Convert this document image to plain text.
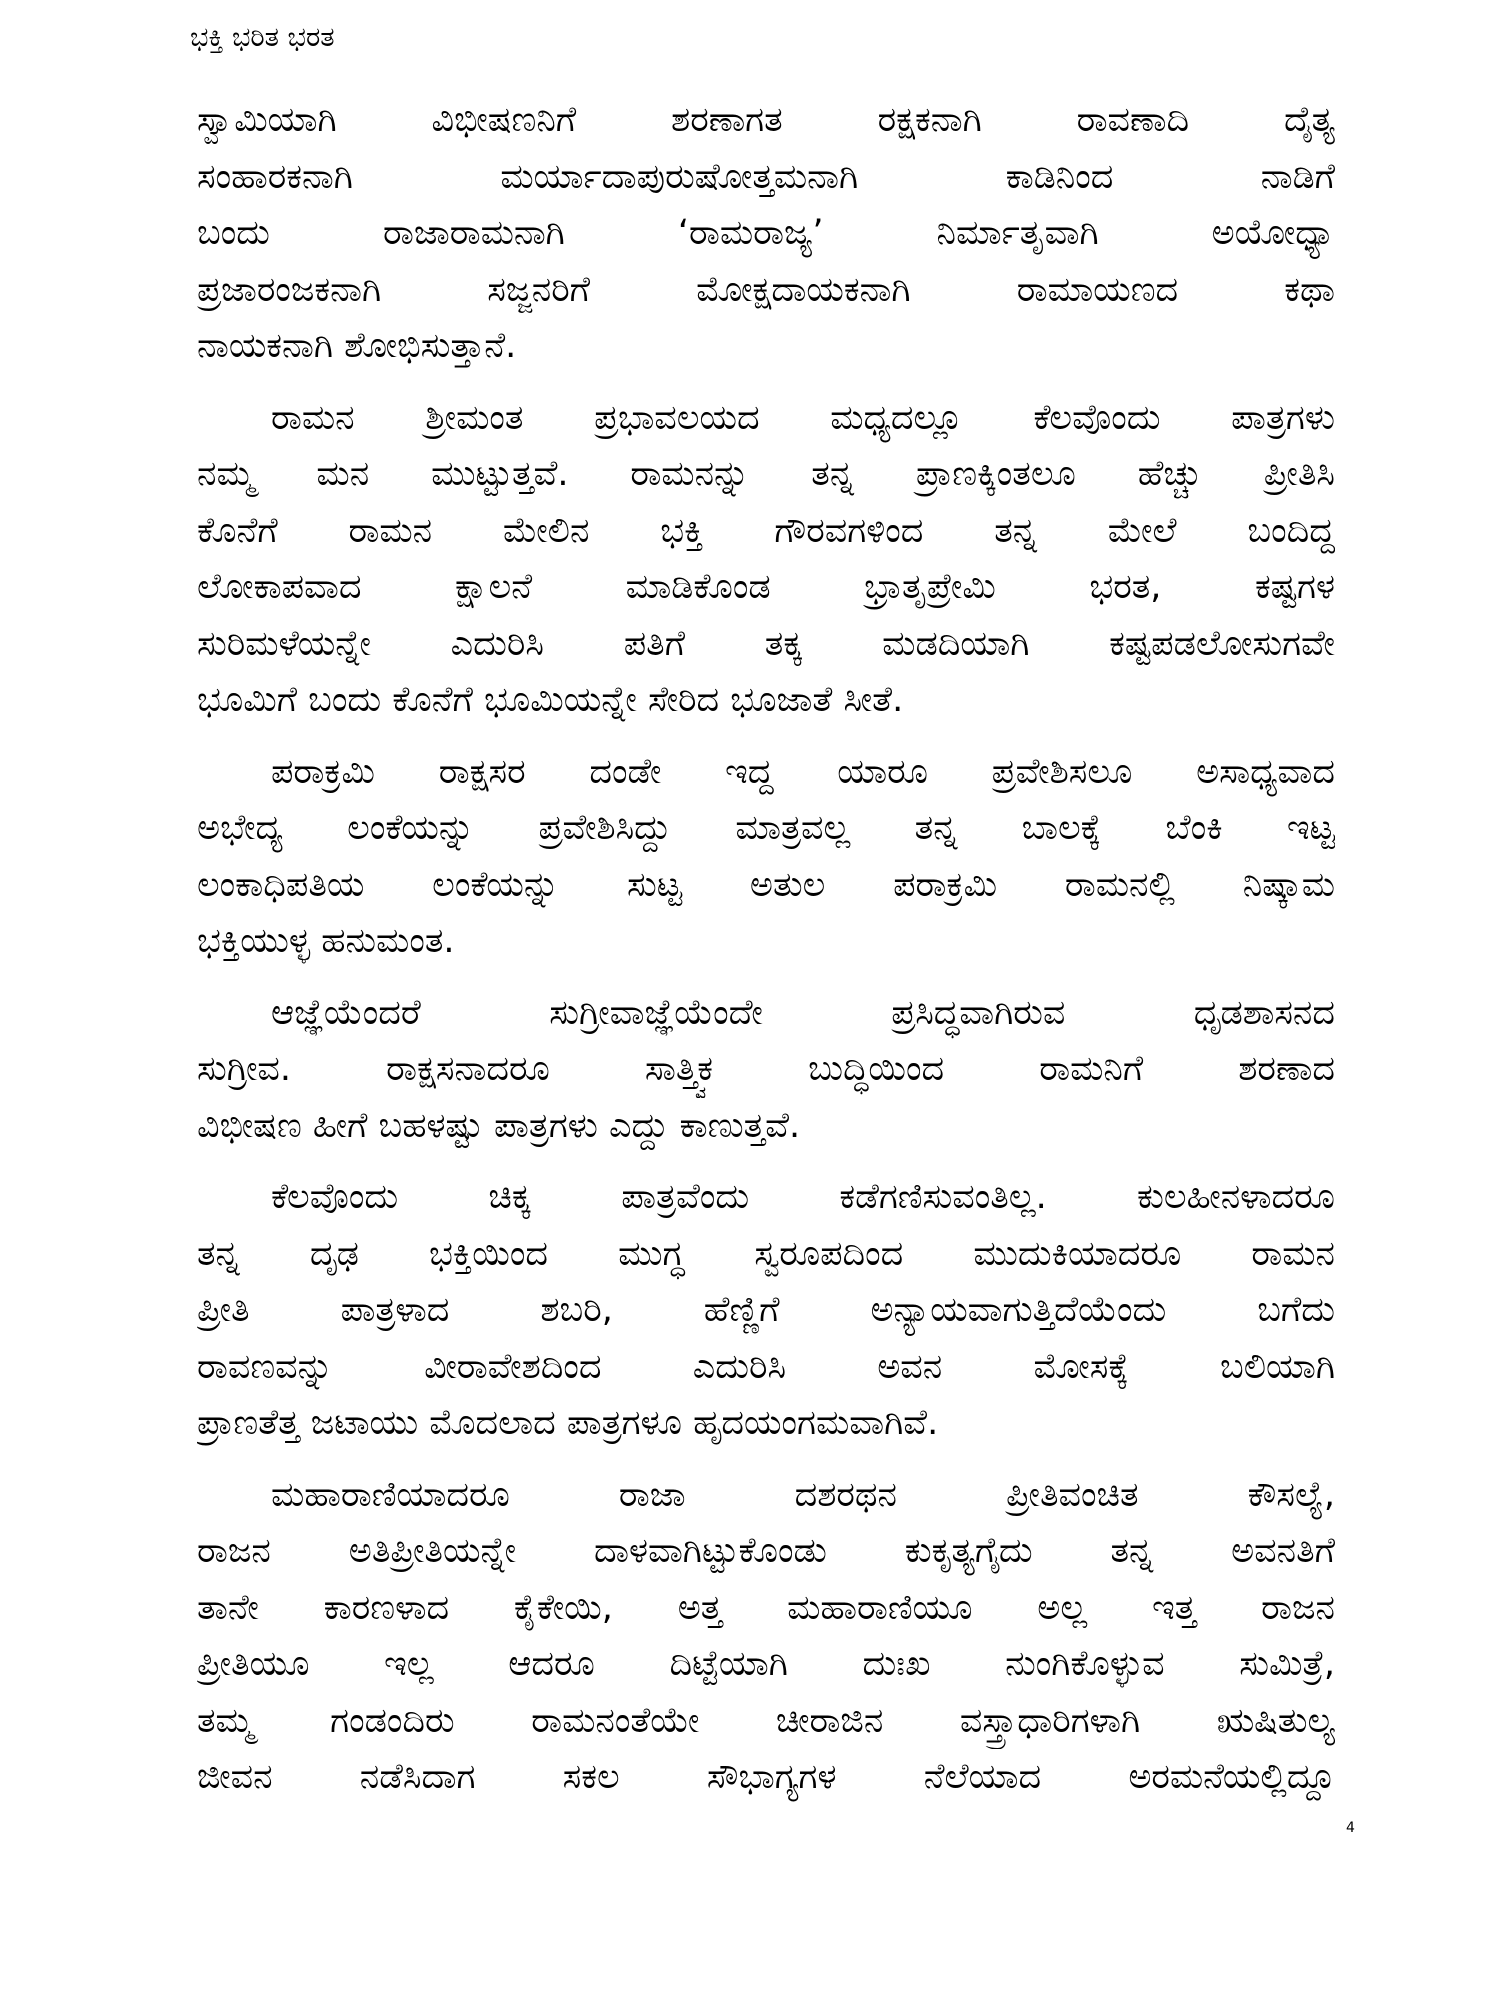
ಭಕ್ತಿ ಭರಿತ ಭರತ
ಸ್ವಾಮಿಯಾಗಿ ವಿಭೀಷಣನಿಗೆ ಶರಣಾಗತ ರಕ್ಷಕನಾಗಿ ರಾವಣಾದಿ ದೈತ್ಯ
ಸಂಹಾರಕನಾಗಿ ಮರ್ಯಾದಾಪುರುಷೋತ್ತಮನಾಗಿ ಕಾಡಿನಿಂದ ನಾಡಿಗೆ
ಬಂದು ರಾಜಾರಾಮನಾಗಿ ‘ರಾಮರಾಜ್ಯ’ ನಿರ್ಮಾತೃವಾಗಿ ಅಯೋಧ್ಯಾ
ಪ್ರಜಾರಂಜಕನಾಗಿ ಸಜ್ಜನರಿಗೆ ಮೋಕ್ಷದಾಯಕನಾಗಿ ರಾಮಾಯಣದ ಕಥಾ
ನಾಯಕನಾಗಿ ಶೋಭಿಸುತ್ತಾನೆ.
ರಾಮನ ಶ್ರೀಮಂತ ಪ್ರಭಾವಲಯದ ಮಧ್ಯದಲ್ಲೂ ಕೆಲವೊಂದು ಪಾತ್ರಗಳು
ನಮ್ಮ ಮನ ಮುಟ್ಟುತ್ತವೆ. ರಾಮನನ್ನು ತನ್ನ ಪ್ರಾಣಕ್ಕಿಂತಲೂ ಹೆಚ್ಚು ಪ್ರೀತಿಸಿ
ಕೊನೆಗೆ ರಾಮನ ಮೇಲಿನ ಭಕ್ತಿ ಗೌರವಗಳಿಂದ ತನ್ನ ಮೇಲೆ ಬಂದಿದ್ದ
ಲೋಕಾಪವಾದ ಕ್ಷಾಲನೆ ಮಾಡಿಕೊಂಡ ಭ್ರಾತೃಪ್ರೇಮಿ ಭರತ, ಕಷ್ಟಗಳ
ಸುರಿಮಳೆಯನ್ನೇ ಎದುರಿಸಿ ಪತಿಗೆ ತಕ್ಕ ಮಡದಿಯಾಗಿ ಕಷ್ಟಪಡಲೋಸುಗವೇ
ಭೂಮಿಗೆ ಬಂದು ಕೊನೆಗೆ ಭೂಮಿಯನ್ನೇ ಸೇರಿದ ಭೂಜಾತೆ ಸೀತೆ.
ಪರಾಕ್ರಮಿ ರಾಕ್ಷಸರ ದಂಡೇ ಇದ್ದ ಯಾರೂ ಪ್ರವೇಶಿಸಲೂ ಅಸಾಧ್ಯವಾದ
ಅಭೇದ್ಯ ಲಂಕೆಯನ್ನು ಪ್ರವೇಶಿಸಿದ್ದು ಮಾತ್ರವಲ್ಲ ತನ್ನ ಬಾಲಕ್ಕೆ ಬೆಂಕಿ ಇಟ್ಟ
ಲಂಕಾಧಿಪತಿಯ ಲಂಕೆಯನ್ನು ಸುಟ್ಟ ಅತುಲ ಪರಾಕ್ರಮಿ ರಾಮನಲ್ಲಿ ನಿಷ್ಕಾಮ
ಭಕ್ತಿಯುಳ್ಳ ಹನುಮಂತ.
ಆಜ್ಞೆಯೆಂದರೆ ಸುಗ್ರೀವಾಜ್ಞೆಯೆಂದೇ ಪ್ರಸಿದ್ಧವಾಗಿರುವ ಧೃಡಶಾಸನದ
ಸುಗ್ರೀವ. ರಾಕ್ಷಸನಾದರೂ ಸಾತ್ತ್ವಿಕ ಬುದ್ಧಿಯಿಂದ ರಾಮನಿಗೆ ಶರಣಾದ
ವಿಭೀಷಣ ಹೀಗೆ ಬಹಳಷ್ಟು ಪಾತ್ರಗಳು ಎದ್ದು ಕಾಣುತ್ತವೆ.
ಕೆಲವೊಂದು ಚಿಕ್ಕ ಪಾತ್ರವೆಂದು ಕಡೆಗಣಿಸುವಂತಿಲ್ಲ. ಕುಲಹೀನಳಾದರೂ
ತನ್ನ ದೃಢ ಭಕ್ತಿಯಿಂದ ಮುಗ್ಧ ಸ್ವರೂಪದಿಂದ ಮುದುಕಿಯಾದರೂ ರಾಮನ
ಪ್ರೀತಿ ಪಾತ್ರಳಾದ ಶಬರಿ, ಹೆಣ್ಣಿಗೆ ಅನ್ಯಾಯವಾಗುತ್ತಿದೆಯೆಂದು ಬಗೆದು
ರಾವಣವನ್ನು ವೀರಾವೇಶದಿಂದ ಎದುರಿಸಿ ಅವನ ಮೋಸಕ್ಕೆ ಬಲಿಯಾಗಿ
ಪ್ರಾಣತೆತ್ತ ಜಟಾಯು ಮೊದಲಾದ ಪಾತ್ರಗಳೂ ಹೃದಯಂಗಮವಾಗಿವೆ.
ಮಹಾರಾಣಿಯಾದರೂ ರಾಜಾ ದಶರಥನ ಪ್ರೀತಿವಂಚಿತ ಕೌಸಲ್ಯೆ,
ರಾಜನ ಅತಿಪ್ರೀತಿಯನ್ನೇ ದಾಳವಾಗಿಟ್ಟುಕೊಂಡು ಕುಕೃತ್ಯಗೈದು ತನ್ನ ಅವನತಿಗೆ
ತಾನೇ ಕಾರಣಳಾದ ಕೈಕೇಯಿ, ಅತ್ತ ಮಹಾರಾಣಿಯೂ ಅಲ್ಲ ಇತ್ತ ರಾಜನ
ಪ್ರೀತಿಯೂ ಇಲ್ಲ ಆದರೂ ದಿಟ್ಟೆಯಾಗಿ ದುಃಖ ನುಂಗಿಕೊಳ್ಳುವ ಸುಮಿತ್ರೆ,
ತಮ್ಮ ಗಂಡಂದಿರು ರಾಮನಂತೆಯೇ ಚೀರಾಜಿನ ವಸ್ತ್ರಾಧಾರಿಗಳಾಗಿ ಋಷಿತುಲ್ಯ
ಜೀವನ ನಡೆಸಿದಾಗ ಸಕಲ ಸೌಭಾಗ್ಯಗಳ ನೆಲೆಯಾದ ಅರಮನೆಯಲ್ಲಿದ್ದೂ
4
